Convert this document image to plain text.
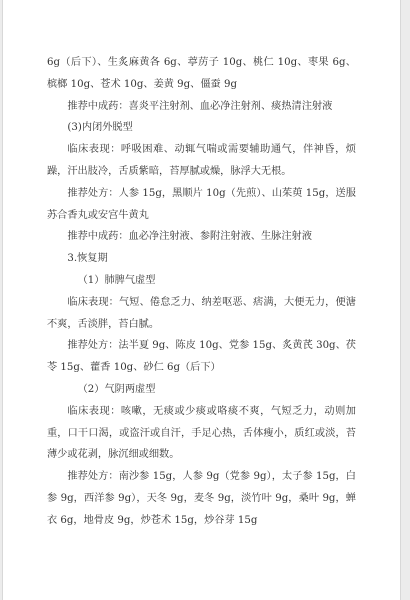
6g（后下）、生炙麻黄各 6g、葶苈子 10g、桃仁 10g、枣果 6g、槟榔 10g、苍术 10g、姜黄 9g、僵蚕 9g

推荐中成药：喜炎平注射剂、血必净注射剂、痰热清注射液

(3)内闭外脱型

临床表现：呼吸困难、动辄气喘或需要辅助通气，伴神昏，烦躁，汗出肢冷，舌质紫暗，苔厚腻或燥，脉浮大无根。

推荐处方：人参 15g，黑顺片 10g（先煎）、山茱萸 15g，送服苏合香丸或安宫牛黄丸

推荐中成药：血必净注射液、参附注射液、生脉注射液

3.恢复期

（1）肺脾气虚型

临床表现：气短、倦怠乏力、纳差呕恶、痞满，大便无力，便溏不爽，舌淡胖，苔白腻。

推荐处方：法半夏 9g、陈皮 10g、党参 15g、炙黄芪 30g、茯苓 15g、藿香 10g、砂仁 6g（后下）

（2）气阴两虚型

临床表现：咳嗽，无痰或少痰或咯痰不爽，气短乏力，动则加重，口干口渴，或盗汗或自汗，手足心热，舌体瘦小，质红或淡，苔薄少或花剥，脉沉细或细数。

推荐处方：南沙参 15g，人参 9g（党参 9g），太子参 15g，白参 9g，西洋参 9g），天冬 9g，麦冬 9g，淡竹叶 9g，桑叶 9g，蝉衣 6g，地骨皮 9g，炒苍术 15g，炒谷芽 15g
